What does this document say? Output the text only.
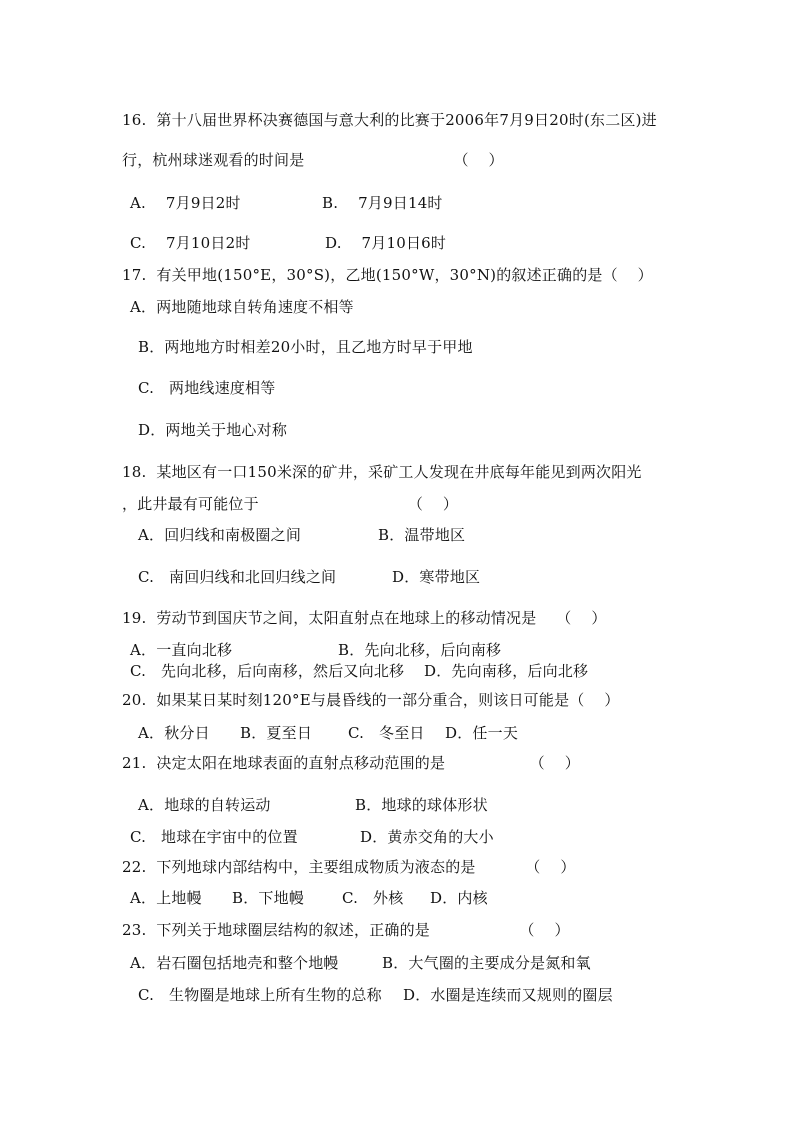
16.  第十八届世界杯决赛德国与意大利的比赛于2006年7月9日20时(东二区)进
行，杭州球迷观看的时间是                              （    ）
A.    7月9日2时	B.    7月9日14时
C.    7月10日2时	D.    7月10日6时
17.  有关甲地(150°E，30°S)，乙地(150°W，30°N)的叙述正确的是（    ）
A．两地随地球自转角速度不相等
B．两地地方时相差20小时，且乙地方时早于甲地
C.   两地线速度相等
D．两地关于地心对称
18.  某地区有一口150米深的矿井，采矿工人发现在井底每年能见到两次阳光
，此井最有可能位于                              （    ）
A．回归线和南极圈之间	B．温带地区
C.   南回归线和北回归线之间	D．寒带地区
19.  劳动节到国庆节之间，太阳直射点在地球上的移动情况是    （    ）
A．一直向北移	B．先向北移，后向南移
C.   先向北移，后向南移，然后又向北移 D．先向南移，后向北移
20.  如果某日某时刻120°E与晨昏线的一部分重合，则该日可能是（    ）
A．秋分日 B．夏至日 C.   冬至日 D．任一天
21.  决定太阳在地球表面的直射点移动范围的是                 （    ）
A．地球的自转运动	B．地球的球体形状
C.   地球在宇宙中的位置	D．黄赤交角的大小
22.  下列地球内部结构中，主要组成物质为液态的是          （    ）
A．上地幔 B．下地幔	C.   外核 D．内核
23.  下列关于地球圈层结构的叙述，正确的是                  （    ）
A．岩石圈包括地壳和整个地幔	B．大气圈的主要成分是氮和氧
C.   生物圈是地球上所有生物的总称 D．水圈是连续而又规则的圈层
